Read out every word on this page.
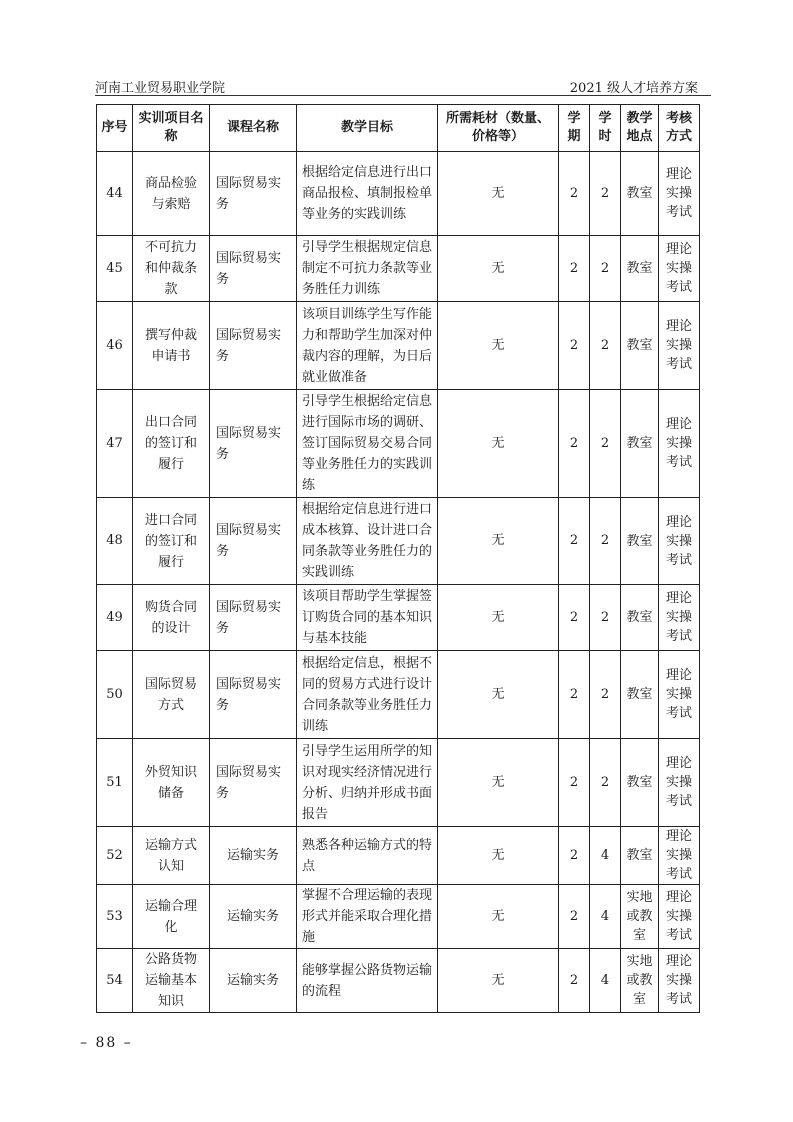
河南工业贸易职业学院	2021 级人才培养方案
序号	实训项目名称	课程名称	教学目标	所需耗材（数量、价格等）	学期	学时	教学地点	考核方式
44	商品检验与索赔	国际贸易实务	根据给定信息进行出口商品报检、填制报检单等业务的实践训练	无	2	2	教室	理论实操考试
45	不可抗力和仲裁条款	国际贸易实务	引导学生根据规定信息制定不可抗力条款等业务胜任力训练	无	2	2	教室	理论实操考试
46	撰写仲裁申请书	国际贸易实务	该项目训练学生写作能力和帮助学生加深对仲裁内容的理解，为日后就业做准备	无	2	2	教室	理论实操考试
47	出口合同的签订和履行	国际贸易实务	引导学生根据给定信息进行国际市场的调研、签订国际贸易交易合同等业务胜任力的实践训练	无	2	2	教室	理论实操考试
48	进口合同的签订和履行	国际贸易实务	根据给定信息进行进口成本核算、设计进口合同条款等业务胜任力的实践训练	无	2	2	教室	理论实操考试
49	购货合同的设计	国际贸易实务	该项目帮助学生掌握签订购货合同的基本知识与基本技能	无	2	2	教室	理论实操考试
50	国际贸易方式	国际贸易实务	根据给定信息，根据不同的贸易方式进行设计合同条款等业务胜任力训练	无	2	2	教室	理论实操考试
51	外贸知识储备	国际贸易实务	引导学生运用所学的知识对现实经济情况进行分析、归纳并形成书面报告	无	2	2	教室	理论实操考试
52	运输方式认知	运输实务	熟悉各种运输方式的特点	无	2	4	教室	理论实操考试
53	运输合理化	运输实务	掌握不合理运输的表现形式并能采取合理化措施	无	2	4	实地或教室	理论实操考试
54	公路货物运输基本知识	运输实务	能够掌握公路货物运输的流程	无	2	4	实地或教室	理论实操考试
– 88 –
